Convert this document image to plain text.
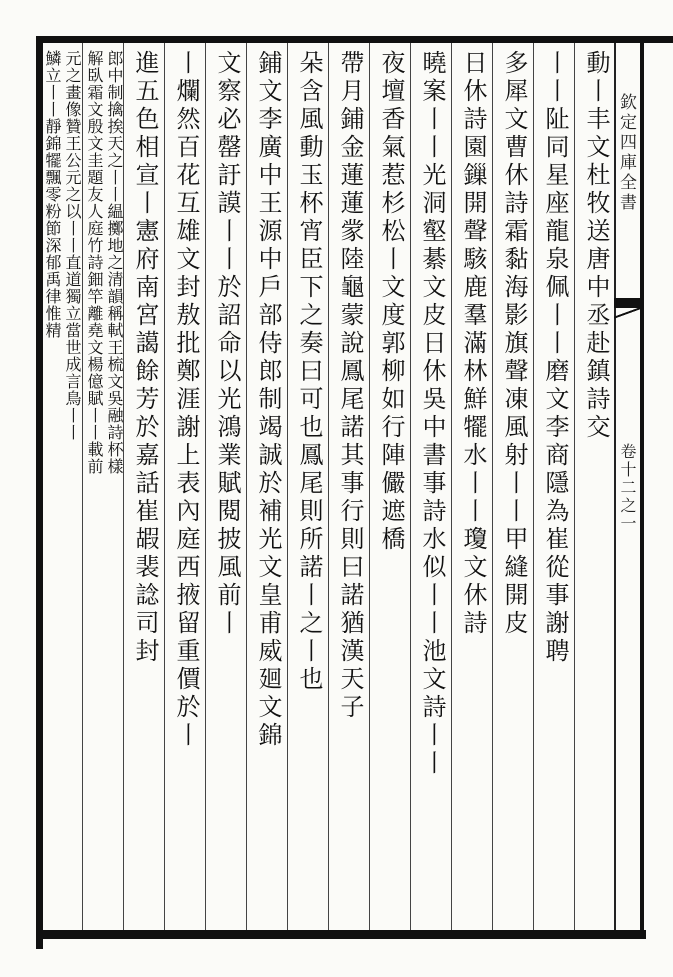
欽定四庫全書
卷十二之一
動丨丰文杜牧送唐中丞赴鎮詩交
丨丨阯同星座龍泉佩丨丨磨文李商隱為崔從事謝聘
多犀文曹休詩霜黏海影旗聲凍風射丨丨甲縫開皮
日休詩園鏁開聲駭鹿羣滿林鮮犤水丨丨瓊文休詩
曉案丨丨光洞壑綦文皮日休吳中書事詩水似丨丨池文詩丨丨
夜壇香氣惹杉松丨文度郭柳如行陣儼遮橋
帶月鋪金蓮蓮䝉陸龜蒙說鳳尾諾其事行則曰諾猶漢天子
朵含風動玉杯宵臣下之奏曰可也鳳尾則所諾丨之丨也
鋪文李廣中王源中戶部侍郎制竭誠於補光文皇甫威廻文錦
文察必罄訏謨丨丨於詔命以光鴻業賦閱披風前丨
丨爛然百花互雄文封敖批鄭涯謝上表內庭西掖留重價於丨
進五色相宣丨憲府南宮譪餘芳於嘉話崔嘏裴諗司封
郎中制擒挨天之丨丨緼擲地之清韻稱軾王梳文吳融詩杯樣
解臥霜文殷文圭題友人庭竹詩鈿竿離堯文楊億賦丨丨載前
元之畫像贊王公元之以丨丨直道獨立當世成言鳥丨丨
鱗立丨丨靜錦犤飄零粉節深郁禹律惟精
